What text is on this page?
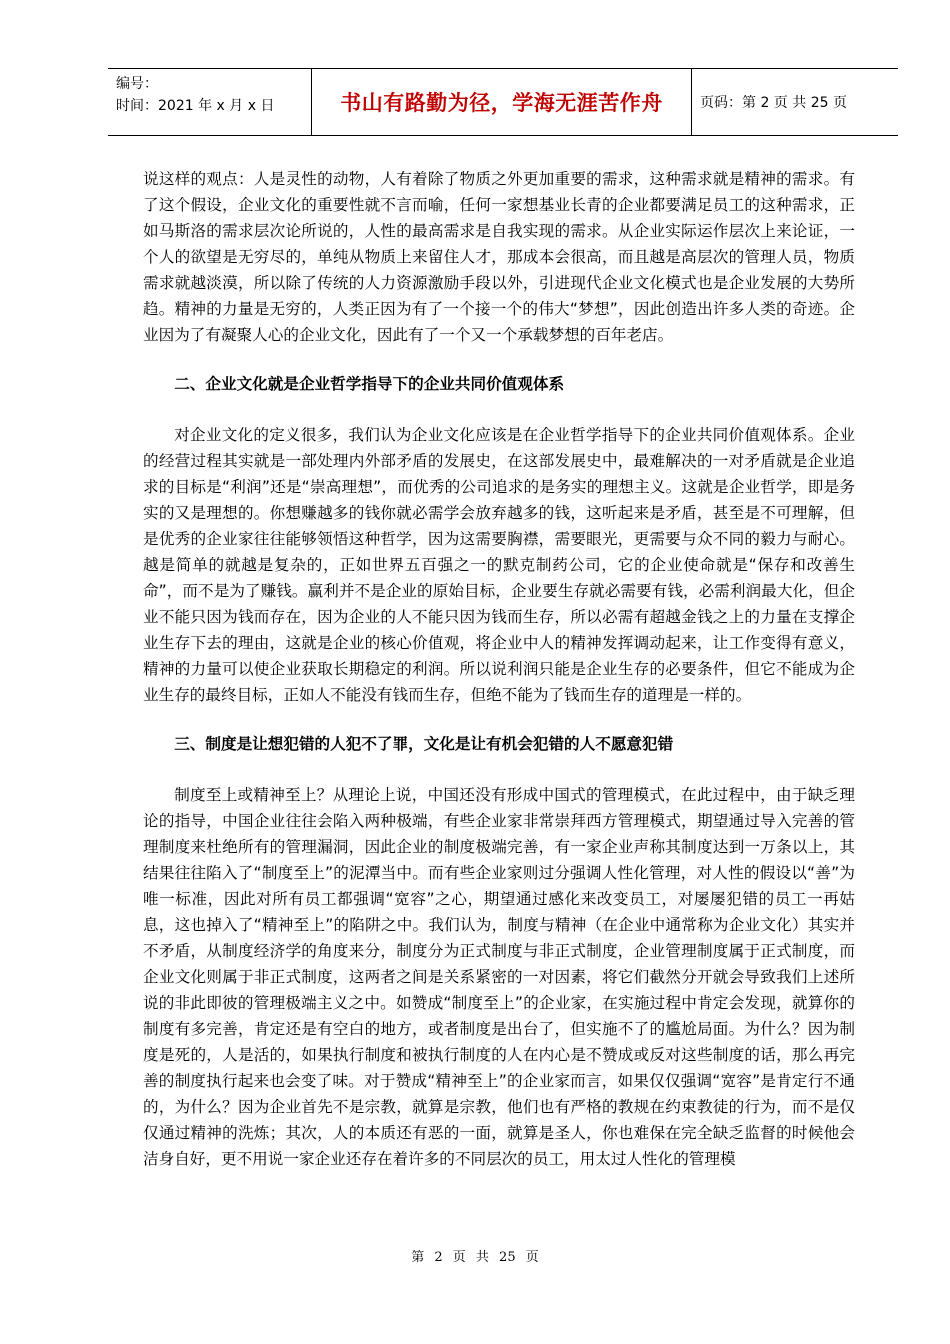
编号：
时间：2021 年 x 月 x 日	书山有路勤为径，学海无涯苦作舟	页码：第 2 页 共 25 页

说这样的观点：人是灵性的动物，人有着除了物质之外更加重要的需求，这种需求就是精神的需求。有了这个假设，企业文化的重要性就不言而喻，任何一家想基业长青的企业都要满足员工的这种需求，正如马斯洛的需求层次论所说的，人性的最高需求是自我实现的需求。从企业实际运作层次上来论证，一个人的欲望是无穷尽的，单纯从物质上来留住人才，那成本会很高，而且越是高层次的管理人员，物质需求就越淡漠，所以除了传统的人力资源激励手段以外，引进现代企业文化模式也是企业发展的大势所趋。精神的力量是无穷的，人类正因为有了一个接一个的伟大“梦想”，因此创造出许多人类的奇迹。企业因为了有凝聚人心的企业文化，因此有了一个又一个承载梦想的百年老店。

二、企业文化就是企业哲学指导下的企业共同价值观体系

对企业文化的定义很多，我们认为企业文化应该是在企业哲学指导下的企业共同价值观体系。企业的经营过程其实就是一部处理内外部矛盾的发展史，在这部发展史中，最难解决的一对矛盾就是企业追求的目标是“利润”还是“崇高理想”，而优秀的公司追求的是务实的理想主义。这就是企业哲学，即是务实的又是理想的。你想赚越多的钱你就必需学会放弃越多的钱，这听起来是矛盾，甚至是不可理解，但是优秀的企业家往往能够领悟这种哲学，因为这需要胸襟，需要眼光，更需要与众不同的毅力与耐心。越是简单的就越是复杂的，正如世界五百强之一的默克制药公司，它的企业使命就是“保存和改善生命”，而不是为了赚钱。赢利并不是企业的原始目标，企业要生存就必需要有钱，必需利润最大化，但企业不能只因为钱而存在，因为企业的人不能只因为钱而生存，所以必需有超越金钱之上的力量在支撑企业生存下去的理由，这就是企业的核心价值观，将企业中人的精神发挥调动起来，让工作变得有意义，精神的力量可以使企业获取长期稳定的利润。所以说利润只能是企业生存的必要条件，但它不能成为企业生存的最终目标，正如人不能没有钱而生存，但绝不能为了钱而生存的道理是一样的。

三、制度是让想犯错的人犯不了罪，文化是让有机会犯错的人不愿意犯错

制度至上或精神至上？从理论上说，中国还没有形成中国式的管理模式，在此过程中，由于缺乏理论的指导，中国企业往往会陷入两种极端，有些企业家非常崇拜西方管理模式，期望通过导入完善的管理制度来杜绝所有的管理漏洞，因此企业的制度极端完善，有一家企业声称其制度达到一万条以上，其结果往往陷入了“制度至上”的泥潭当中。而有些企业家则过分强调人性化管理，对人性的假设以“善”为唯一标准，因此对所有员工都强调“宽容”之心，期望通过感化来改变员工，对屡屡犯错的员工一再姑息，这也掉入了“精神至上”的陷阱之中。我们认为，制度与精神（在企业中通常称为企业文化）其实并不矛盾，从制度经济学的角度来分，制度分为正式制度与非正式制度，企业管理制度属于正式制度，而企业文化则属于非正式制度，这两者之间是关系紧密的一对因素，将它们截然分开就会导致我们上述所说的非此即彼的管理极端主义之中。如赞成“制度至上”的企业家，在实施过程中肯定会发现，就算你的制度有多完善，肯定还是有空白的地方，或者制度是出台了，但实施不了的尴尬局面。为什么？因为制度是死的，人是活的，如果执行制度和被执行制度的人在内心是不赞成或反对这些制度的话，那么再完善的制度执行起来也会变了味。对于赞成“精神至上”的企业家而言，如果仅仅强调“宽容”是肯定行不通的，为什么？因为企业首先不是宗教，就算是宗教，他们也有严格的教规在约束教徒的行为，而不是仅仅通过精神的洗炼；其次，人的本质还有恶的一面，就算是圣人，你也难保在完全缺乏监督的时候他会洁身自好，更不用说一家企业还存在着许多的不同层次的员工，用太过人性化的管理模

第 2 页 共 25 页
